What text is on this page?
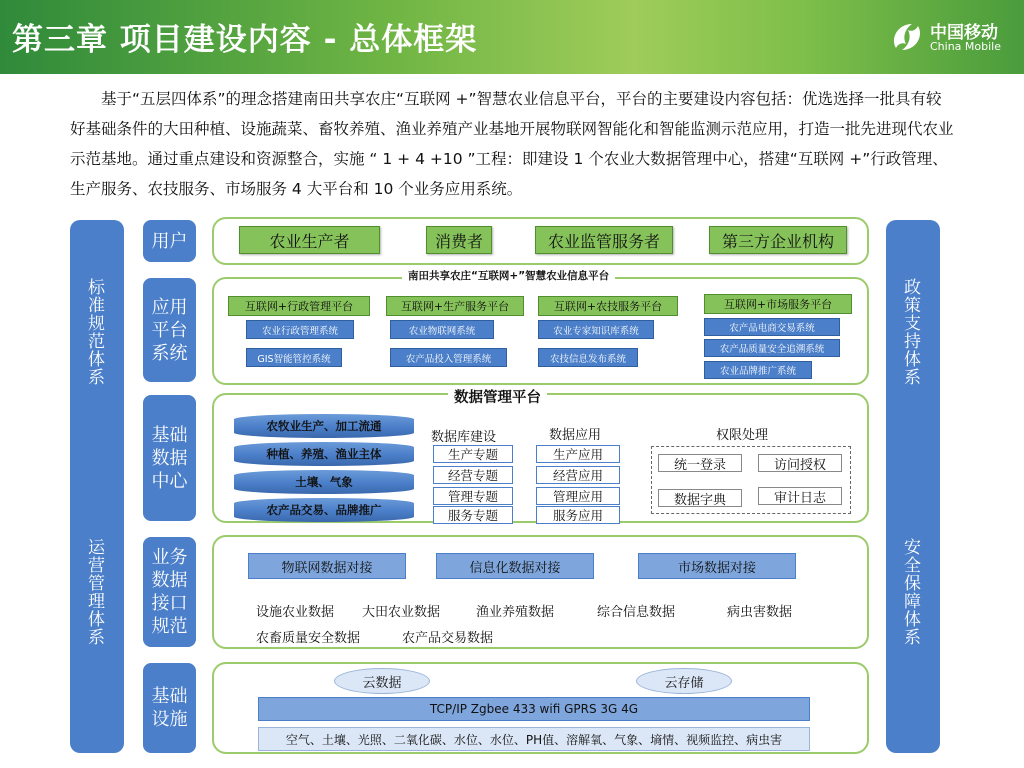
第三章 项目建设内容 - 总体框架	中国移动
China Mobile

基于“五层四体系”的理念搭建南田共享农庄“互联网 +”智慧农业信息平台，平台的主要建设内容包括：优选选择一批具有较好基础条件的大田种植、设施蔬菜、畜牧养殖、渔业养殖产业基地开展物联网智能化和智能监测示范应用，打造一批先进现代农业示范基地。通过重点建设和资源整合，实施 “ 1 + 4 +10 ”工程：即建设 1 个农业大数据管理中心，搭建“互联网 +”行政管理、生产服务、农技服务、市场服务 4 大平台和 10 个业务应用系统。

标准规范体系
运营管理体系
政策支持体系
安全保障体系
用户	农业生产者	消费者	农业监管服务者	第三方企业机构
应用平台系统
南田共享农庄“互联网+”智慧农业信息平台
互联网+行政管理平台
农业行政管理系统
GIS智能管控系统
互联网+生产服务平台
农业物联网系统
农产品投入管理系统
互联网+农技服务平台
农业专家知识库系统
农技信息发布系统
互联网+市场服务平台
农产品电商交易系统
农产品质量安全追溯系统
农业品牌推广系统
基础数据中心
数据管理平台
农牧业生产、加工流通
种植、养殖、渔业主体
土壤、气象
农产品交易、品牌推广
数据库建设
生产专题
经营专题
管理专题
服务专题
数据应用
生产应用
经营应用
管理应用
服务应用
权限处理
统一登录	访问授权
数据字典	审计日志
业务数据接口规范
物联网数据对接	信息化数据对接	市场数据对接
设施农业数据 大田农业数据	渔业养殖数据	综合信息数据	病虫害数据
农畜质量安全数据	农产品交易数据
基础设施
云数据	云存储
TCP/IP Zgbee 433 wifi GPRS 3G 4G
空气、土壤、光照、二氧化碳、水位、水位、PH值、溶解氧、气象、墒情、视频监控、病虫害
